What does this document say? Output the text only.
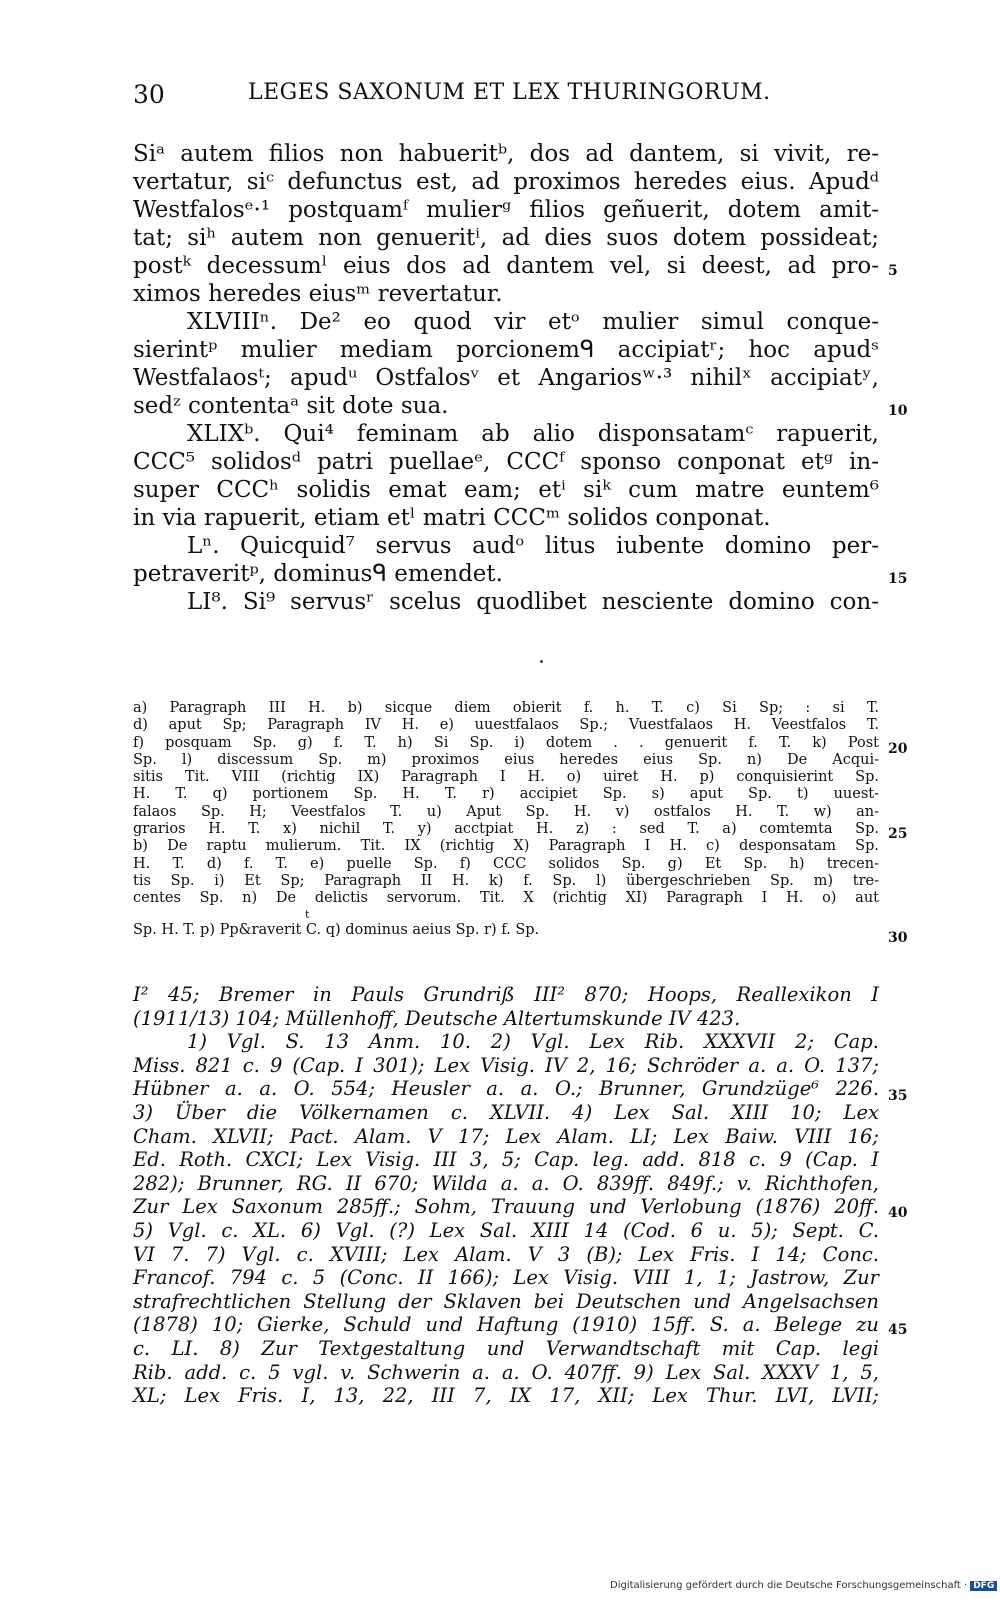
30	LEGES SAXONUM ET LEX THURINGORUM.
Siᵃ autem filios non habueritᵇ, dos ad dantem, si vivit, re-
vertatur, siᶜ defunctus est, ad proximos heredes eius. Apudᵈ
Westfalosᵉ·¹ postquamᶠ mulierᵍ filios geñuerit, dotem amit-
tat; siʰ autem non genueritⁱ, ad dies suos dotem possideat;
postᵏ decessumˡ eius dos ad dantem vel, si deest, ad pro-
ximos heredes eiusᵐ revertatur.
XLVIIIⁿ. De² eo quod vir etᵒ mulier simul conque-
sierintᵖ mulier mediam porcionemᑫ accipiatʳ; hoc apudˢ
Westfalaosᵗ; apudᵘ Ostfalosᵛ et Angariosʷ·³ nihilˣ accipiatʸ,
sedᶻ contentaᵃ sit dote sua.
XLIXᵇ. Qui⁴ feminam ab alio disponsatamᶜ rapuerit,
CCC⁵ solidosᵈ patri puellaeᵉ, CCCᶠ sponso conponat etᵍ in-
super CCCʰ solidis emat eam; etⁱ siᵏ cum matre euntem⁶
in via rapuerit, etiam etˡ matri CCCᵐ solidos conponat.
Lⁿ. Quicquid⁷ servus audᵒ litus iubente domino per-
petraveritᵖ, dominusᑫ emendet.
LI⁸. Si⁹ servusʳ scelus quodlibet nesciente domino con-
a) Paragraph III H. b) sicque diem obierit f. h. T. c) Si Sp; : si T.
d) aput Sp; Paragraph IV H. e) uuestfalaos Sp.; Vuestfalaos H. Veestfalos T.
f) posquam Sp. g) f. T. h) Si Sp. i) dotem . . genuerit f. T. k) Post
Sp. l) discessum Sp. m) proximos eius heredes eius Sp. n) De Acqui-
sitis Tit. VIII (richtig IX) Paragraph I H. o) uiret H. p) conquisierint Sp.
H. T. q) portionem Sp. H. T. r) accipiet Sp. s) aput Sp. t) uuest-
falaos Sp. H; Veestfalos T. u) Aput Sp. H. v) ostfalos H. T. w) an-
grarios H. T. x) nichil T. y) acctpiat H. z) : sed T. a) comtemta Sp.
b) De raptu mulierum. Tit. IX (richtig X) Paragraph I H. c) desponsatam Sp.
H. T. d) f. T. e) puelle Sp. f) CCC solidos Sp. g) Et Sp. h) trecen-
tis Sp. i) Et Sp; Paragraph II H. k) f. Sp. l) übergeschrieben Sp. m) tre-
centes Sp. n) De delictis servorum. Tit. X (richtig XI) Paragraph I H. o) aut
t
Sp. H. T. p) Pp&raverit C. q) dominus aeius Sp. r) f. Sp.
I² 45; Bremer in Pauls Grundriß III² 870; Hoops, Reallexikon I
(1911/13) 104; Müllenhoff, Deutsche Altertumskunde IV 423.
1) Vgl. S. 13 Anm. 10. 2) Vgl. Lex Rib. XXXVII 2; Cap.
Miss. 821 c. 9 (Cap. I 301); Lex Visig. IV 2, 16; Schröder a. a. O. 137;
Hübner a. a. O. 554; Heusler a. a. O.; Brunner, Grundzüge⁶ 226.
3) Über die Völkernamen c. XLVII. 4) Lex Sal. XIII 10; Lex
Cham. XLVII; Pact. Alam. V 17; Lex Alam. LI; Lex Baiw. VIII 16;
Ed. Roth. CXCI; Lex Visig. III 3, 5; Cap. leg. add. 818 c. 9 (Cap. I
282); Brunner, RG. II 670; Wilda a. a. O. 839ff. 849f.; v. Richthofen,
Zur Lex Saxonum 285ff.; Sohm, Trauung und Verlobung (1876) 20ff.
5) Vgl. c. XL. 6) Vgl. (?) Lex Sal. XIII 14 (Cod. 6 u. 5); Sept. C.
VI 7. 7) Vgl. c. XVIII; Lex Alam. V 3 (B); Lex Fris. I 14; Conc.
Francof. 794 c. 5 (Conc. II 166); Lex Visig. VIII 1, 1; Jastrow, Zur
strafrechtlichen Stellung der Sklaven bei Deutschen und Angelsachsen
(1878) 10; Gierke, Schuld und Haftung (1910) 15ff. S. a. Belege zu
c. LI. 8) Zur Textgestaltung und Verwandtschaft mit Cap. legi
Rib. add. c. 5 vgl. v. Schwerin a. a. O. 407ff. 9) Lex Sal. XXXV 1, 5,
XL; Lex Fris. I, 13, 22, III 7, IX 17, XII; Lex Thur. LVI, LVII;
5
10
15
20
25
30
35
40
45
Digitalisierung gefördert durch die Deutsche Forschungsgemeinschaft · DFG
